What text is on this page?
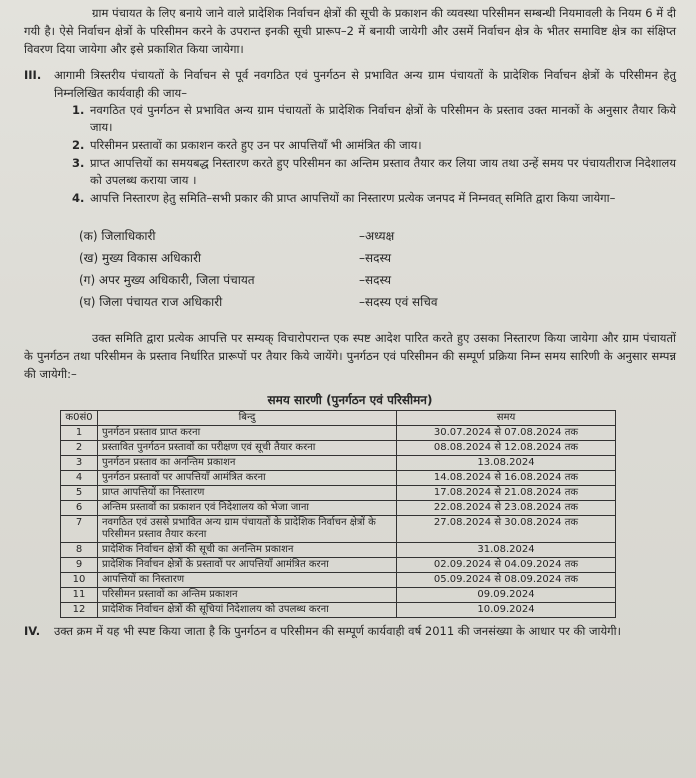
ग्राम पंचायत के लिए बनाये जाने वाले प्रादेशिक निर्वाचन क्षेत्रों की सूची के प्रकाशन की व्यवस्था परिसीमन सम्बन्धी नियमावली के नियम 6 में दी गयी है। ऐसे निर्वाचन क्षेत्रों के परिसीमन करने के उपरान्त इनकी सूची प्रारूप–2 में बनायी जायेगी और उसमें निर्वाचन क्षेत्र के भीतर समाविष्ट क्षेत्र का संक्षिप्त विवरण दिया जायेगा और इसे प्रकाशित किया जायेगा।

III.	आगामी त्रिस्तरीय पंचायतों के निर्वाचन से पूर्व नवगठित एवं पुनर्गठन से प्रभावित अन्य ग्राम पंचायतों के प्रादेशिक निर्वाचन क्षेत्रों के परिसीमन हेतु निम्नलिखित कार्यवाही की जाय–
1. नवगठित एवं पुनर्गठन से प्रभावित अन्य ग्राम पंचायतों के प्रादेशिक निर्वाचन क्षेत्रों के परिसीमन के प्रस्ताव उक्त मानकों के अनुसार तैयार किये जाय।
2. परिसीमन प्रस्तावों का प्रकाशन करते हुए उन पर आपत्तियाँ भी आमंत्रित की जाय।
3. प्राप्त आपत्तियों का समयबद्ध निस्तारण करते हुए परिसीमन का अन्तिम प्रस्ताव तैयार कर लिया जाय तथा उन्हें समय पर पंचायतीराज निदेशालय को उपलब्ध कराया जाय ।
4. आपत्ति निस्तारण हेतु समिति–सभी प्रकार की प्राप्त आपत्तियों का निस्तारण प्रत्येक जनपद में निम्नवत् समिति द्वारा किया जायेगा–
(क) जिलाधिकारी	–अध्यक्ष
(ख) मुख्य विकास अधिकारी	–सदस्य
(ग) अपर मुख्य अधिकारी, जिला पंचायत	–सदस्य
(घ) जिला पंचायत राज अधिकारी	–सदस्य एवं सचिव

उक्त समिति द्वारा प्रत्येक आपत्ति पर सम्यक् विचारोपरान्त एक स्पष्ट आदेश पारित करते हुए उसका निस्तारण किया जायेगा और ग्राम पंचायतों के पुनर्गठन तथा परिसीमन के प्रस्ताव निर्धारित प्रारूपों पर तैयार किये जायेंगे। पुनर्गठन एवं परिसीमन की सम्पूर्ण प्रक्रिया निम्न समय सारिणी के अनुसार सम्पन्न की जायेगी:–

समय सारणी (पुनर्गठन एवं परिसीमन)
क0सं0	बिन्दु	समय
1	पुनर्गठन प्रस्ताव प्राप्त करना	30.07.2024 से 07.08.2024 तक
2	प्रस्तावित पुनर्गठन प्रस्तावों का परीक्षण एवं सूची तैयार करना	08.08.2024 से 12.08.2024 तक
3	पुनर्गठन प्रस्ताव का अनन्तिम प्रकाशन	13.08.2024
4	पुनर्गठन प्रस्तावों पर आपत्तियाँ आमंत्रित करना	14.08.2024 से 16.08.2024 तक
5	प्राप्त आपत्तियों का निस्तारण	17.08.2024 से 21.08.2024 तक
6	अन्तिम प्रस्तावों का प्रकाशन एवं निदेशालय को भेजा जाना	22.08.2024 से 23.08.2024 तक
7	नवगठित एवं उससे प्रभावित अन्य ग्राम पंचायतों के प्रादेशिक निर्वाचन क्षेत्रों के परिसीमन प्रस्ताव तैयार करना	27.08.2024 से 30.08.2024 तक
8	प्रादेशिक निर्वाचन क्षेत्रों की सूची का अनन्तिम प्रकाशन	31.08.2024
9	प्रादेशिक निर्वाचन क्षेत्रों के प्रस्तावों पर आपत्तियाँ आमंत्रित करना	02.09.2024 से 04.09.2024 तक
10	आपत्तियों का निस्तारण	05.09.2024 से 08.09.2024 तक
11	परिसीमन प्रस्तावों का अन्तिम प्रकाशन	09.09.2024
12	प्रादेशिक निर्वाचन क्षेत्रों की सूचियां निदेशालय को उपलब्ध करना	10.09.2024
IV.	उक्त क्रम में यह भी स्पष्ट किया जाता है कि पुनर्गठन व परिसीमन की सम्पूर्ण कार्यवाही वर्ष 2011 की जनसंख्या के आधार पर की जायेगी।
